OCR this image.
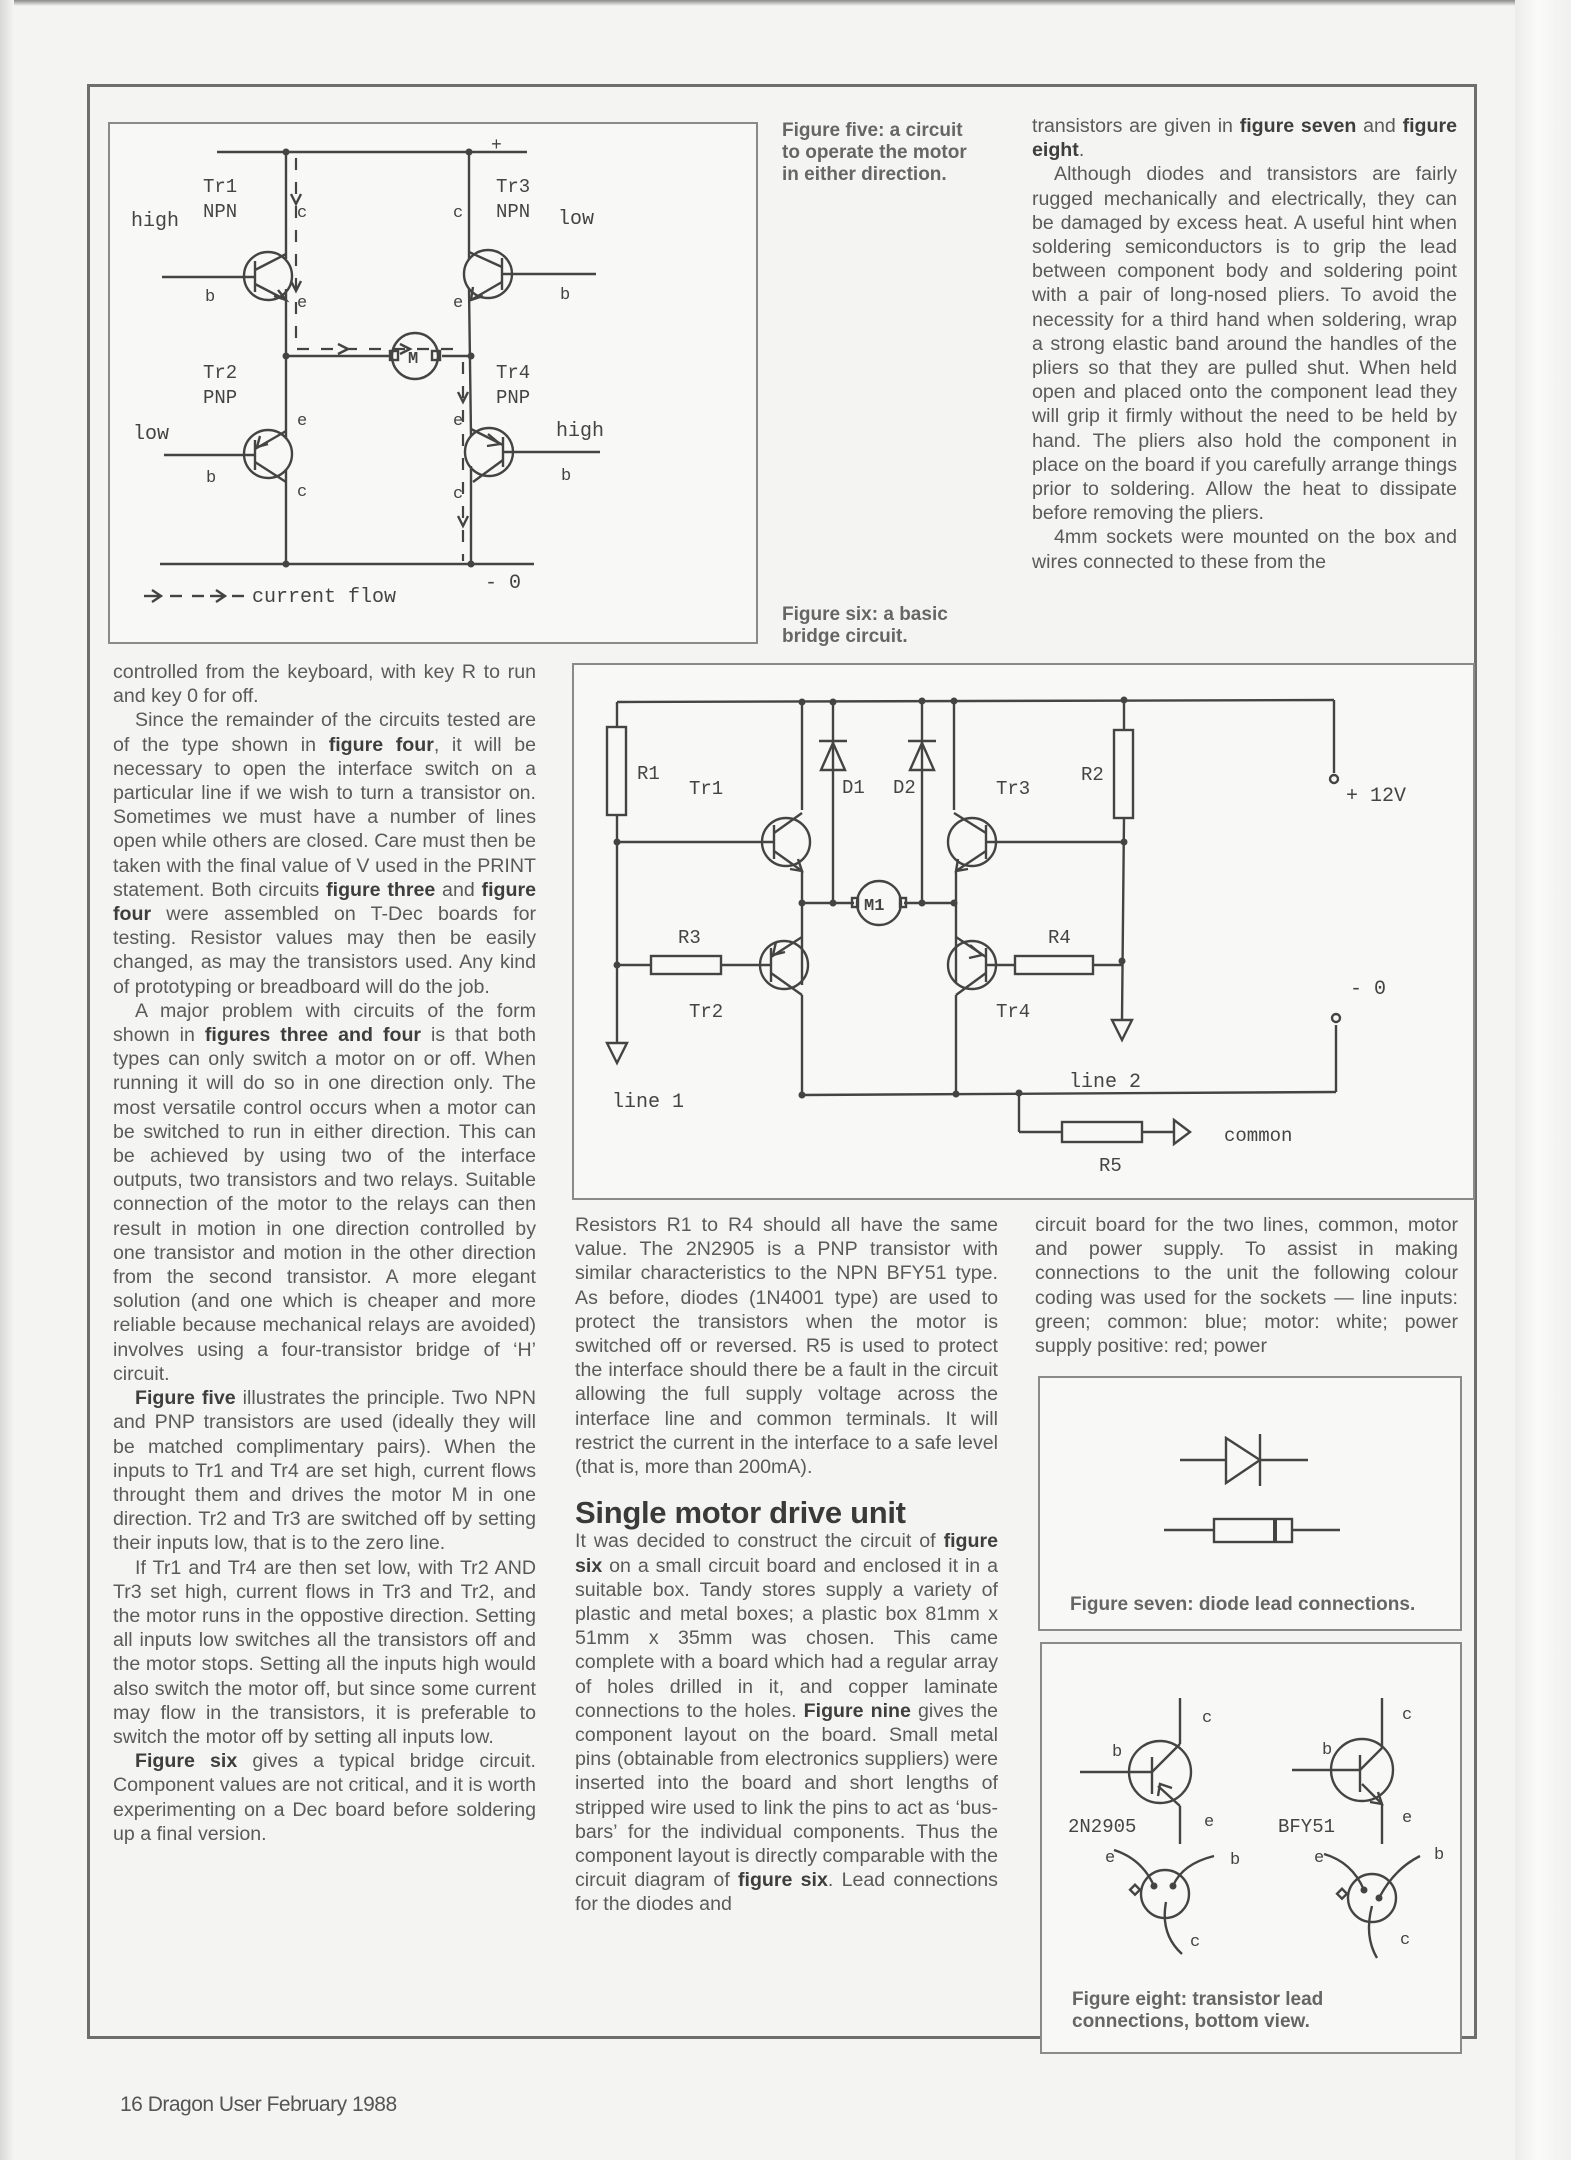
+
- 0
Tr1
NPN
high
b
c
e
Tr3
NPN low
b
c
e
M
Tr2
PNP
low
b
e
c
Tr4
PNP
high
b
e
c
current flow
Figure five: a circuit to operate the motor in either direction.
Figure six: a basic bridge circuit.
+ 12V
R1
line 1
Tr1	D1 D2
M1
Tr3
R2
line 2
R3
Tr2
R4
Tr4
- 0
R5
common

controlled from the keyboard, with key R to run and key 0 for off.

Since the remainder of the circuits tested are of the type shown in figure four, it will be necessary to open the interface switch on a particular line if we wish to turn a transistor on. Sometimes we must have a number of lines open while others are closed. Care must then be taken with the final value of V used in the PRINT statement. Both circuits figure three and figure four were assembled on T-Dec boards for testing. Resistor values may then be easily changed, as may the transistors used. Any kind of prototyping or breadboard will do the job.

A major problem with circuits of the form shown in figures three and four is that both types can only switch a motor on or off. When running it will do so in one direction only. The most versatile control occurs when a motor can be switched to run in either direction. This can be achieved by using two of the interface outputs, two transistors and two relays. Suitable connection of the motor to the relays can then result in motion in one direction controlled by one transistor and motion in the other direction from the second transistor. A more elegant solution (and one which is cheaper and more reliable because mechanical relays are avoided) involves using a four-transistor bridge of ‘H’ circuit.

Figure five illustrates the principle. Two NPN and PNP transistors are used (ideally they will be matched complimentary pairs). When the inputs to Tr1 and Tr4 are set high, current flows throught them and drives the motor M in one direction. Tr2 and Tr3 are switched off by setting their inputs low, that is to the zero line.

If Tr1 and Tr4 are then set low, with Tr2 AND Tr3 set high, current flows in Tr3 and Tr2, and the motor runs in the oppostive direction. Setting all inputs low switches all the transistors off and the motor stops. Setting all the inputs high would also switch the motor off, but since some current may flow in the transistors, it is preferable to switch the motor off by setting all inputs low.

Figure six gives a typical bridge circuit. Component values are not critical, and it is worth experimenting on a Dec board before soldering up a final version.

Resistors R1 to R4 should all have the same value. The 2N2905 is a PNP transistor with similar characteristics to the NPN BFY51 type. As before, diodes (1N4001 type) are used to protect the transistors when the motor is switched off or reversed. R5 is used to protect the interface should there be a fault in the circuit allowing the full supply voltage across the interface line and common terminals. It will restrict the current in the interface to a safe level (that is, more than 200mA).

Single motor drive unit

It was decided to construct the circuit of figure six on a small circuit board and enclosed it in a suitable box. Tandy stores supply a variety of plastic and metal boxes; a plastic box 81mm x 51mm x 35mm was chosen. This came complete with a board which had a regular array of holes drilled in it, and copper laminate connections to the holes. Figure nine gives the component layout on the board. Small metal pins (obtainable from electronics suppliers) were inserted into the board and short lengths of stripped wire used to link the pins to act as ‘bus-bars’ for the individual components. Thus the component layout is directly comparable with the circuit diagram of figure six. Lead connections for the diodes and

transistors are given in figure seven and figure eight.

Although diodes and transistors are fairly rugged mechanically and electrically, they can be damaged by excess heat. A useful hint when soldering semiconductors is to grip the lead between component body and soldering point with a pair of long-nosed pliers. To avoid the necessity for a third hand when soldering, wrap a strong elastic band around the handles of the pliers so that they are pulled shut. When held open and placed onto the component lead they will grip it firmly without the need to be held by hand. The pliers also hold the component in place on the board if you carefully arrange things prior to soldering. Allow the heat to dissipate before removing the pliers.

4mm sockets were mounted on the box and wires connected to these from the

circuit board for the two lines, common, motor and power supply. To assist in making connections to the unit the following colour coding was used for the sockets — line inputs: green; common: blue; motor: white; power supply positive: red; power

Figure seven: diode lead connections.
b
c
e
2N2905
e	b
c
b
c
e
BFY51
e	b
c
Figure eight: transistor lead
connections, bottom view.
16 Dragon User February 1988
